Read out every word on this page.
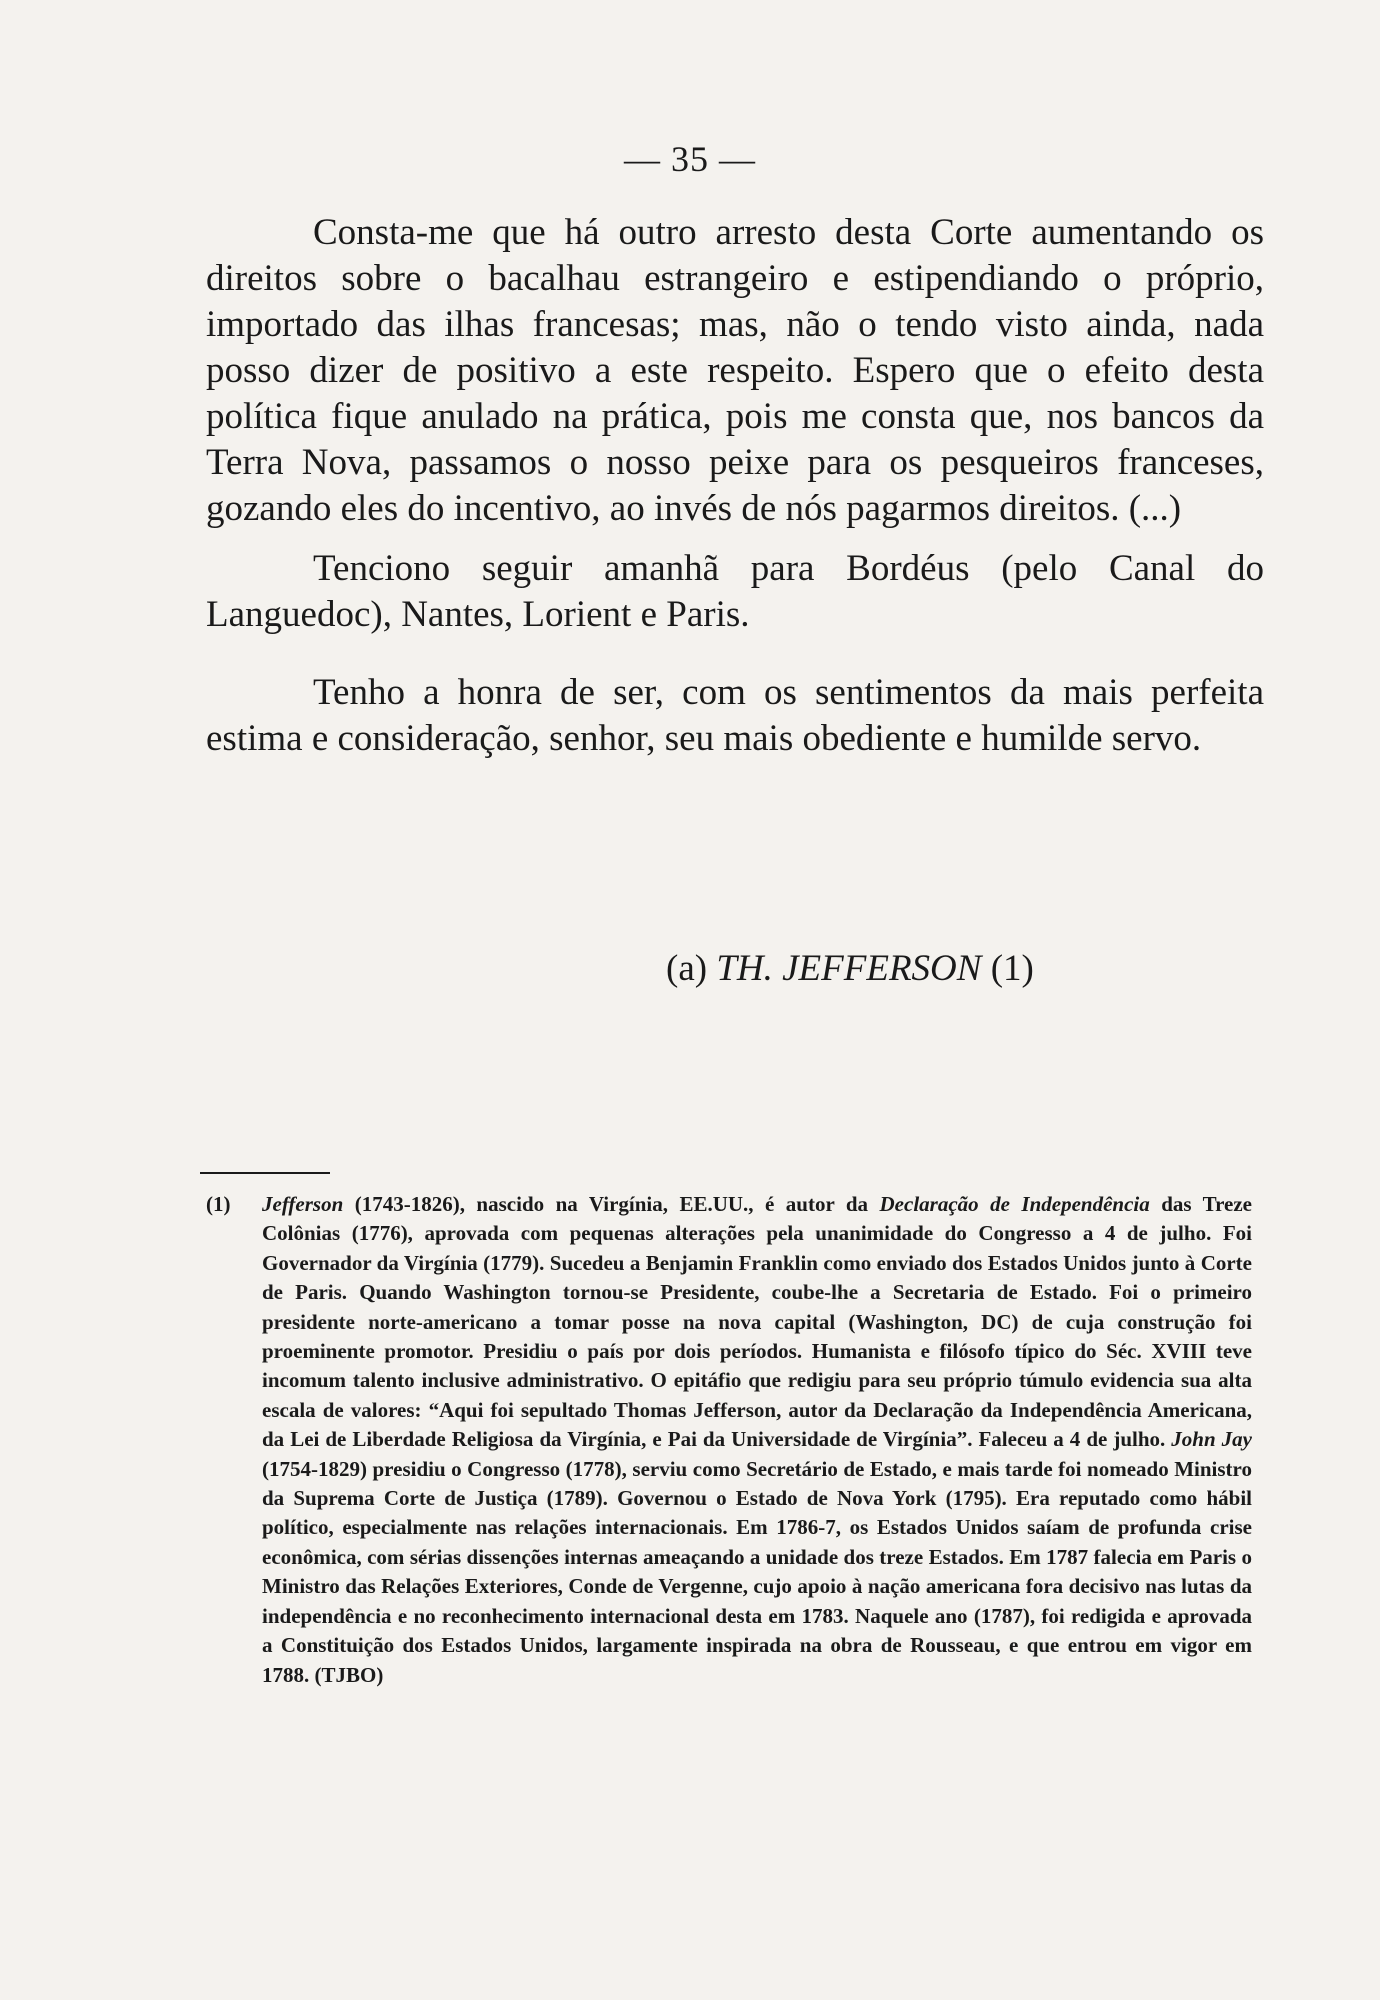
— 35 —

Consta-me que há outro arresto desta Corte aumentando os direitos sobre o bacalhau estrangeiro e estipendiando o próprio, importado das ilhas francesas; mas, não o tendo visto ainda, nada posso dizer de positivo a este respeito. Espero que o efeito desta política fique anulado na prática, pois me consta que, nos bancos da Terra Nova, passamos o nosso peixe para os pesqueiros franceses, gozando eles do incentivo, ao invés de nós pagarmos direitos. (...)

Tenciono seguir amanhã para Bordéus (pelo Canal do Languedoc), Nantes, Lorient e Paris.

Tenho a honra de ser, com os sentimentos da mais perfeita estima e consideração, senhor, seu mais obediente e humilde servo.

(a) TH. JEFFERSON (1)
(1) Jefferson (1743-1826), nascido na Virgínia, EE.UU., é autor da Declaração de Independência das Treze Colônias (1776), aprovada com pequenas alterações pela unanimidade do Congresso a 4 de julho. Foi Governador da Virgínia (1779). Sucedeu a Benjamin Franklin como enviado dos Estados Unidos junto à Corte de Paris. Quando Washington tornou-se Presidente, coube-lhe a Secretaria de Estado. Foi o primeiro presidente norte-americano a tomar posse na nova capital (Washington, DC) de cuja construção foi proeminente promotor. Presidiu o país por dois períodos. Humanista e filósofo típico do Séc. XVIII teve incomum talento inclusive administrativo. O epitáfio que redigiu para seu próprio túmulo evidencia sua alta escala de valores: “Aqui foi sepultado Thomas Jefferson, autor da Declaração da Independência Americana, da Lei de Liberdade Religiosa da Virgínia, e Pai da Universidade de Virgínia”. Faleceu a 4 de julho. John Jay (1754-1829) presidiu o Congresso (1778), serviu como Secretário de Estado, e mais tarde foi nomeado Ministro da Suprema Corte de Justiça (1789). Governou o Estado de Nova York (1795). Era reputado como hábil político, especialmente nas relações internacionais. Em 1786-7, os Estados Unidos saíam de profunda crise econômica, com sérias dissenções internas ameaçando a unidade dos treze Estados. Em 1787 falecia em Paris o Ministro das Relações Exteriores, Conde de Vergenne, cujo apoio à nação americana fora decisivo nas lutas da independência e no reconhecimento internacional desta em 1783. Naquele ano (1787), foi redigida e aprovada a Constituição dos Estados Unidos, largamente inspirada na obra de Rousseau, e que entrou em vigor em 1788. (TJBO)
